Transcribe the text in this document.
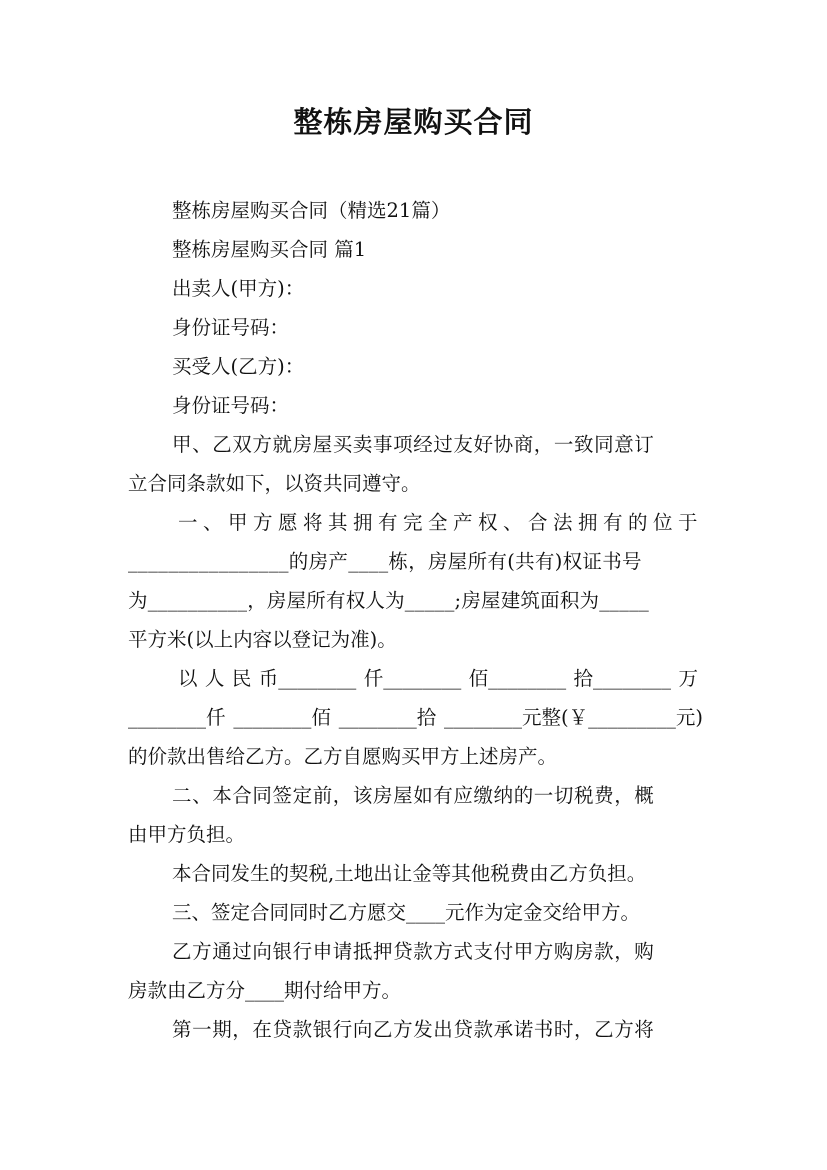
整栋房屋购买合同
整栋房屋购买合同（精选21篇）
整栋房屋购买合同 篇1
出卖人(甲方)：
身份证号码：
买受人(乙方)：
身份证号码：
甲、乙双方就房屋买卖事项经过友好协商，一致同意订
立合同条款如下，以资共同遵守。
一、甲方愿将其拥有完全产权、合法拥有的位于
________________的房产____栋，房屋所有(共有)权证书号
为__________，房屋所有权人为_____;房屋建筑面积为_____
平方米(以上内容以登记为准)。
以 人 民 币________ 仟________ 佰________ 拾________ 万
________仟 ________佰 ________拾 ________元整(￥_________元)
的价款出售给乙方。乙方自愿购买甲方上述房产。
二、本合同签定前，该房屋如有应缴纳的一切税费，概
由甲方负担。
本合同发生的契税,土地出让金等其他税费由乙方负担。
三、签定合同同时乙方愿交____元作为定金交给甲方。
乙方通过向银行申请抵押贷款方式支付甲方购房款，购
房款由乙方分____期付给甲方。
第一期，在贷款银行向乙方发出贷款承诺书时，乙方将
